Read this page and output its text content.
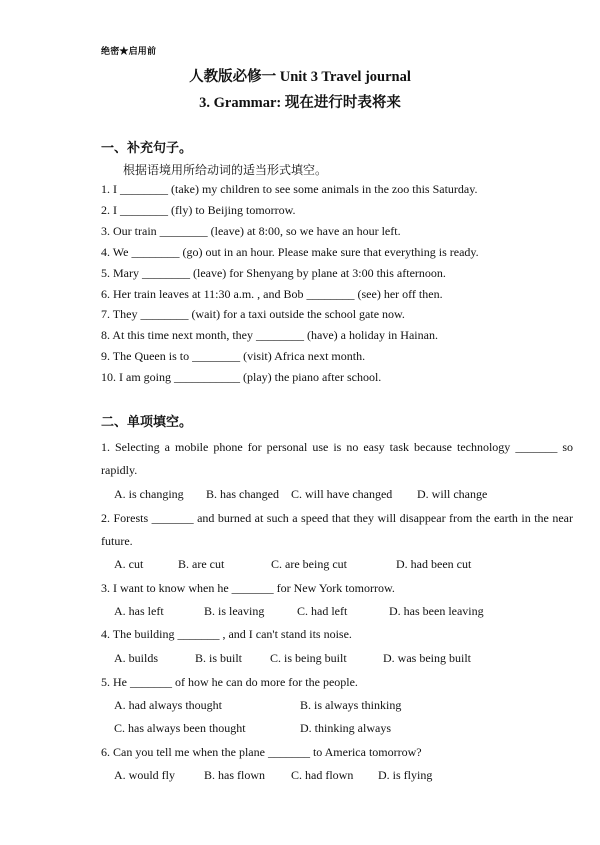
绝密★启用前
人教版必修一 Unit 3 Travel journal
3. Grammar: 现在进行时表将来
一、补充句子。
根据语境用所给动词的适当形式填空。
1. I ________ (take) my children to see some animals in the zoo this Saturday.
2. I ________ (fly) to Beijing tomorrow.
3. Our train ________ (leave) at 8:00, so we have an hour left.
4. We ________ (go) out in an hour. Please make sure that everything is ready.
5. Mary ________ (leave) for Shenyang by plane at 3:00 this afternoon.
6. Her train leaves at 11:30 a.m. , and Bob ________ (see) her off then.
7. They ________ (wait) for a taxi outside the school gate now.
8. At this time next month, they ________ (have) a holiday in Hainan.
9. The Queen is to ________ (visit) Africa next month.
10. I am going ___________ (play) the piano after school.
二、单项填空。
1. Selecting a mobile phone for personal use is no easy task because technology _______ so
rapidly.
A. is changing B. has changed C. will have changed D. will change
2. Forests _______ and burned at such a speed that they will disappear from the earth in the near
future.
A. cut	B. are cut	C. are being cut	D. had been cut
3. I want to know when he _______ for New York tomorrow.
A. has left	B. is leaving	C. had left	D. has been leaving
4. The building _______ , and I can't stand its noise.
A. builds	B. is built C. is being built	D. was being built
5. He _______ of how he can do more for the people.
A. had always thought	B. is always thinking
C. has always been thought	D. thinking always
6. Can you tell me when the plane _______ to America tomorrow?
A. would fly B. has flown C. had flown D. is flying
